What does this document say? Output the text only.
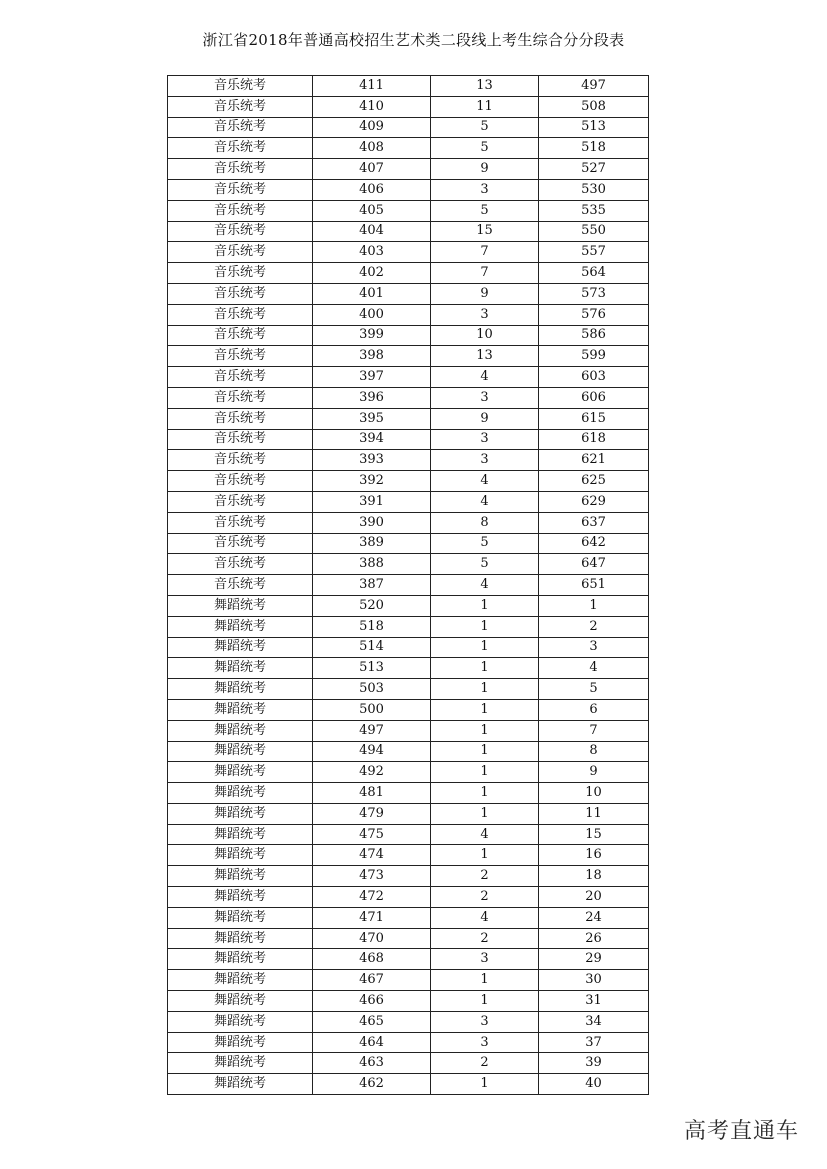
浙江省2018年普通高校招生艺术类二段线上考生综合分分段表
音乐统考	411	13	497
音乐统考	410	11	508
音乐统考	409	5	513
音乐统考	408	5	518
音乐统考	407	9	527
音乐统考	406	3	530
音乐统考	405	5	535
音乐统考	404	15	550
音乐统考	403	7	557
音乐统考	402	7	564
音乐统考	401	9	573
音乐统考	400	3	576
音乐统考	399	10	586
音乐统考	398	13	599
音乐统考	397	4	603
音乐统考	396	3	606
音乐统考	395	9	615
音乐统考	394	3	618
音乐统考	393	3	621
音乐统考	392	4	625
音乐统考	391	4	629
音乐统考	390	8	637
音乐统考	389	5	642
音乐统考	388	5	647
音乐统考	387	4	651
舞蹈统考	520	1	1
舞蹈统考	518	1	2
舞蹈统考	514	1	3
舞蹈统考	513	1	4
舞蹈统考	503	1	5
舞蹈统考	500	1	6
舞蹈统考	497	1	7
舞蹈统考	494	1	8
舞蹈统考	492	1	9
舞蹈统考	481	1	10
舞蹈统考	479	1	11
舞蹈统考	475	4	15
舞蹈统考	474	1	16
舞蹈统考	473	2	18
舞蹈统考	472	2	20
舞蹈统考	471	4	24
舞蹈统考	470	2	26
舞蹈统考	468	3	29
舞蹈统考	467	1	30
舞蹈统考	466	1	31
舞蹈统考	465	3	34
舞蹈统考	464	3	37
舞蹈统考	463	2	39
舞蹈统考	462	1	40
高考直通车
